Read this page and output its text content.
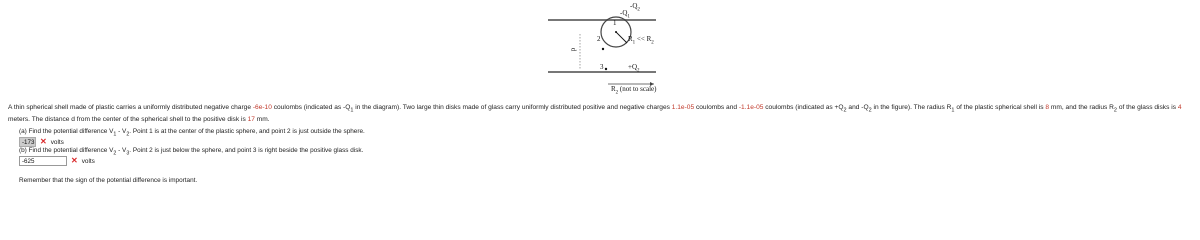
$-Q_2$
$-Q_1$
1
2	$R_1 << R_2$
d
3	$+Q_2$
$R_2$ (not to scale)
A thin spherical shell made of plastic carries a uniformly distributed negative charge -6e-10 coulombs (indicated as $-Q_1$ in the diagram). Two large thin disks made of glass carry uniformly distributed positive and negative charges 1.1e-05 coulombs and -1.1e-05 coulombs (indicated as $+Q_2$ and $-Q_2$ in the figure). The radius $R_1$ of the plastic spherical shell is 8 mm, and the radius $R_2$ of the glass disks is 4 meters. The distance d from the center of the spherical shell to the positive disk is 17 mm.
(a) Find the potential difference $V_1 - V_2$. Point 1 is at the center of the plastic sphere, and point 2 is just outside the sphere.
-173 ✕ volts
(b) Find the potential difference $V_2 - V_3$. Point 2 is just below the sphere, and point 3 is right beside the positive glass disk.
-625	✕ volts
Remember that the sign of the potential difference is important.
